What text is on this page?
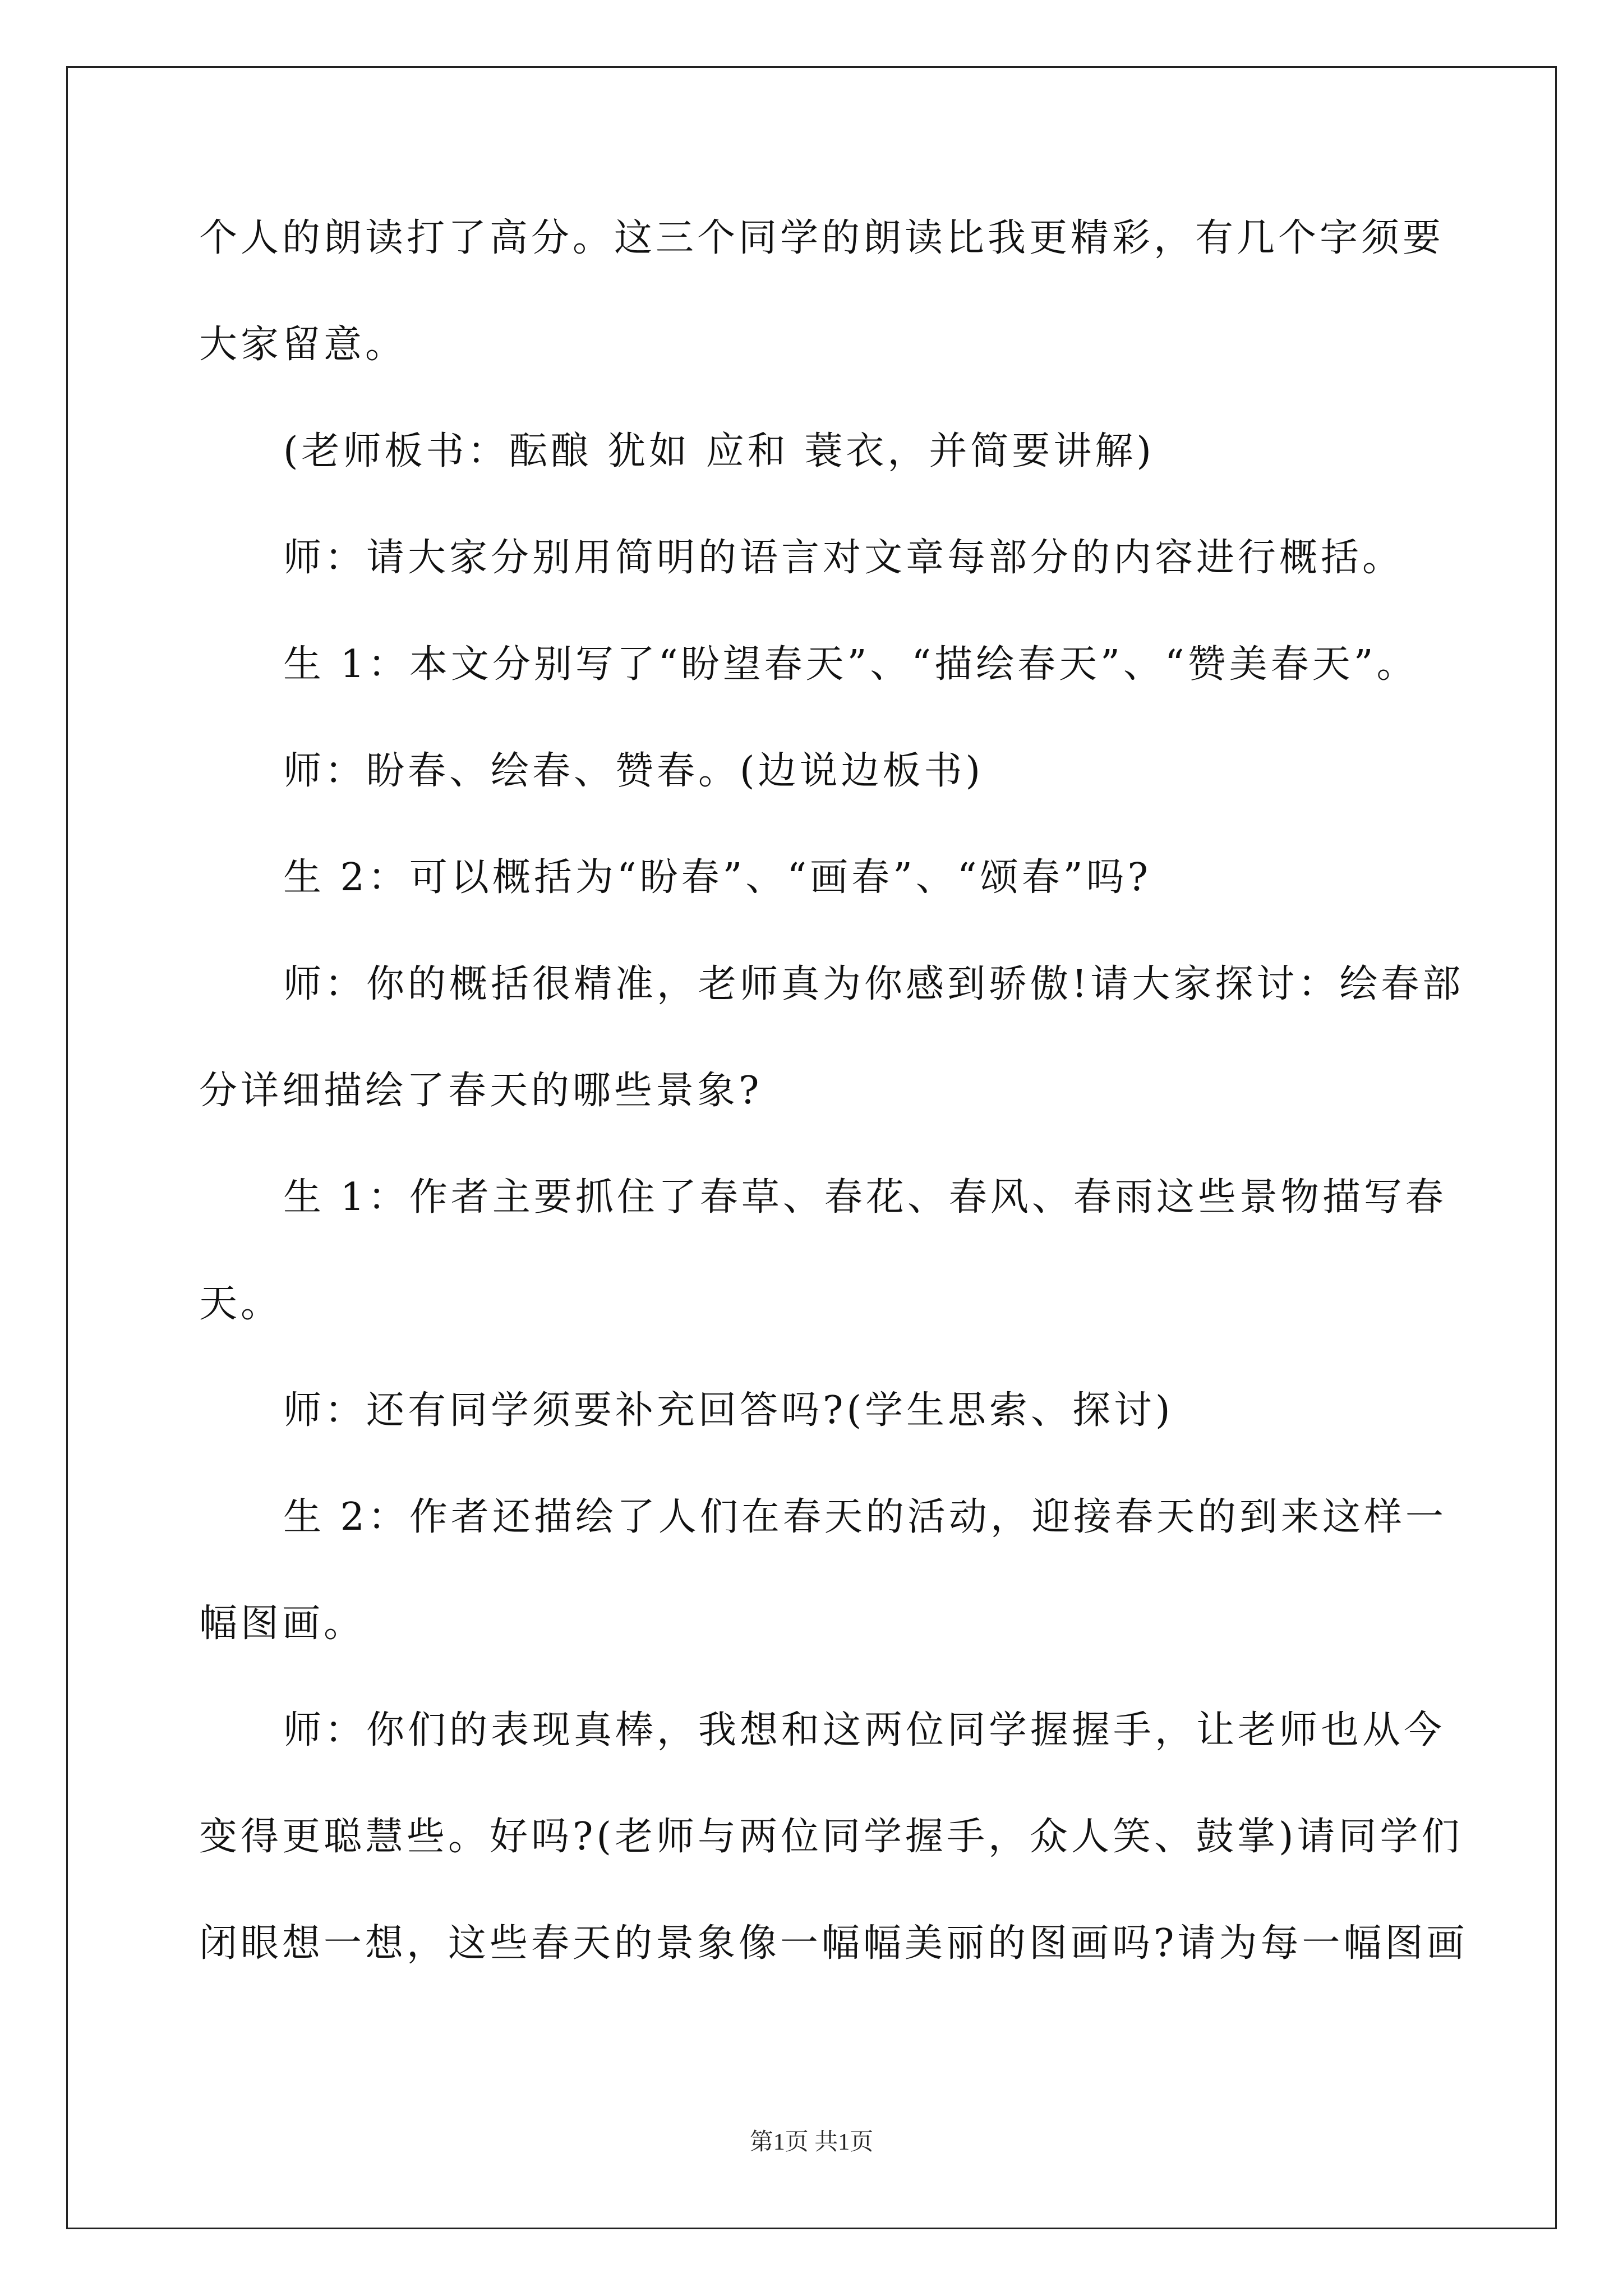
个人的朗读打了高分。这三个同学的朗读比我更精彩，有几个字须要
大家留意。
(老师板书：酝酿 犹如 应和 蓑衣，并简要讲解)
师：请大家分别用简明的语言对文章每部分的内容进行概括。
生 1：本文分别写了“盼望春天”、“描绘春天”、“赞美春天”。
师：盼春、绘春、赞春。(边说边板书)
生 2：可以概括为“盼春”、“画春”、“颂春”吗?
师：你的概括很精准，老师真为你感到骄傲!请大家探讨：绘春部
分详细描绘了春天的哪些景象?
生 1：作者主要抓住了春草、春花、春风、春雨这些景物描写春
天。
师：还有同学须要补充回答吗?(学生思索、探讨)
生 2：作者还描绘了人们在春天的活动，迎接春天的到来这样一
幅图画。
师：你们的表现真棒，我想和这两位同学握握手，让老师也从今
变得更聪慧些。好吗?(老师与两位同学握手，众人笑、鼓掌)请同学们
闭眼想一想，这些春天的景象像一幅幅美丽的图画吗?请为每一幅图画
第1页 共1页
